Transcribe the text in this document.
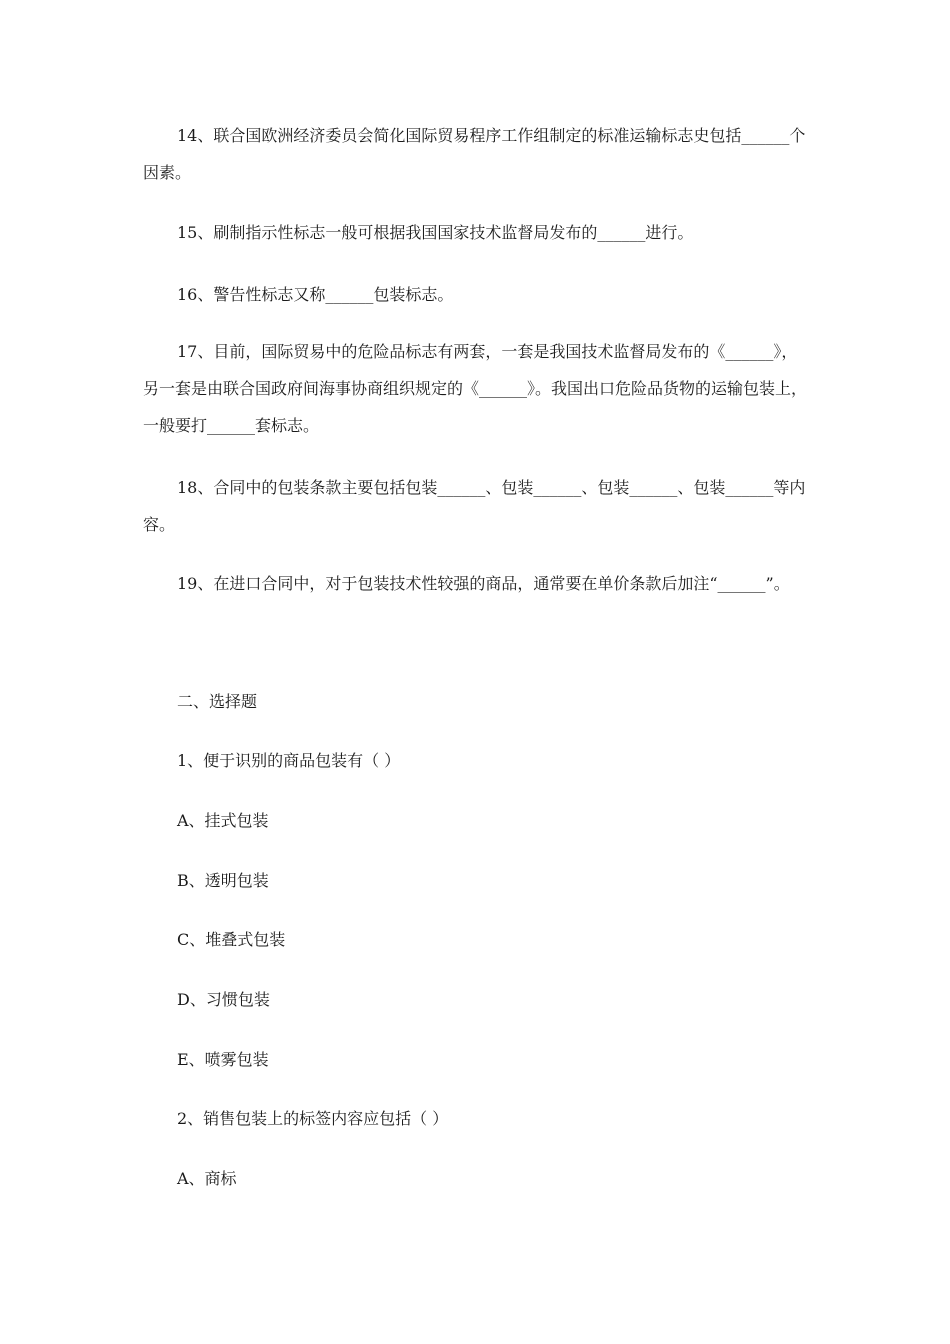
14、联合国欧洲经济委员会简化国际贸易程序工作组制定的标准运输标志史包括______个因素。

15、刷制指示性标志一般可根据我国国家技术监督局发布的______进行。

16、警告性标志又称______包装标志。

17、目前，国际贸易中的危险品标志有两套，一套是我国技术监督局发布的《______》，另一套是由联合国政府间海事协商组织规定的《______》。我国出口危险品货物的运输包装上，一般要打______套标志。

18、合同中的包装条款主要包括包装______、包装______、包装______、包装______等内容。

19、在进口合同中，对于包装技术性较强的商品，通常要在单价条款后加注“______”。

二、选择题
1、便于识别的商品包装有（ ）
A、挂式包装
B、透明包装
C、堆叠式包装
D、习惯包装
E、喷雾包装
2、销售包装上的标签内容应包括（ ）
A、商标
